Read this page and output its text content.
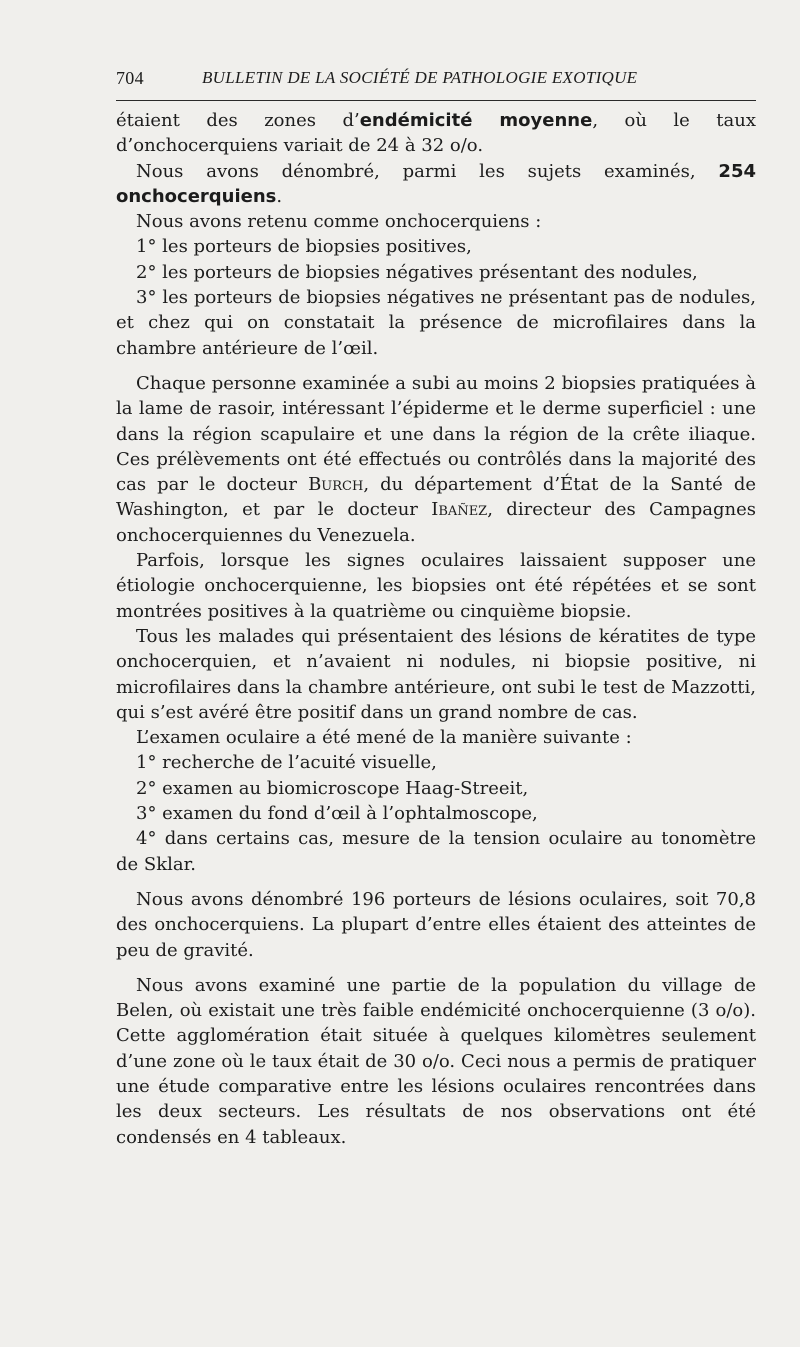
704	BULLETIN DE LA SOCIÉTÉ DE PATHOLOGIE EXOTIQUE

étaient des zones d’endémicité moyenne, où le taux d’onchocerquiens variait de 24 à 32 o/o.

Nous avons dénombré, parmi les sujets examinés, 254 onchocerquiens.

Nous avons retenu comme onchocerquiens :

1° les porteurs de biopsies positives,

2° les porteurs de biopsies négatives présentant des nodules,

3° les porteurs de biopsies négatives ne présentant pas de nodules, et chez qui on constatait la présence de microfilaires dans la chambre antérieure de l’œil.

Chaque personne examinée a subi au moins 2 biopsies pratiquées à la lame de rasoir, intéressant l’épiderme et le derme superficiel : une dans la région scapulaire et une dans la région de la crête iliaque. Ces prélèvements ont été effectués ou contrôlés dans la majorité des cas par le docteur Burch, du département d’État de la Santé de Washington, et par le docteur Ibañez, directeur des Campagnes onchocerquiennes du Venezuela.

Parfois, lorsque les signes oculaires laissaient supposer une étiologie onchocerquienne, les biopsies ont été répétées et se sont montrées positives à la quatrième ou cinquième biopsie.

Tous les malades qui présentaient des lésions de kératites de type onchocerquien, et n’avaient ni nodules, ni biopsie positive, ni microfilaires dans la chambre antérieure, ont subi le test de Mazzotti, qui s’est avéré être positif dans un grand nombre de cas.

L’examen oculaire a été mené de la manière suivante :

1° recherche de l’acuité visuelle,

2° examen au biomicroscope Haag-Streeit,

3° examen du fond d’œil à l’ophtalmoscope,

4° dans certains cas, mesure de la tension oculaire au tonomètre de Sklar.

Nous avons dénombré 196 porteurs de lésions oculaires, soit 70,8 des onchocerquiens. La plupart d’entre elles étaient des atteintes de peu de gravité.

Nous avons examiné une partie de la population du village de Belen, où existait une très faible endémicité onchocerquienne (3 o/o). Cette agglomération était située à quelques kilomètres seulement d’une zone où le taux était de 30 o/o. Ceci nous a permis de pratiquer une étude comparative entre les lésions oculaires rencontrées dans les deux secteurs. Les résultats de nos observations ont été condensés en 4 tableaux.
